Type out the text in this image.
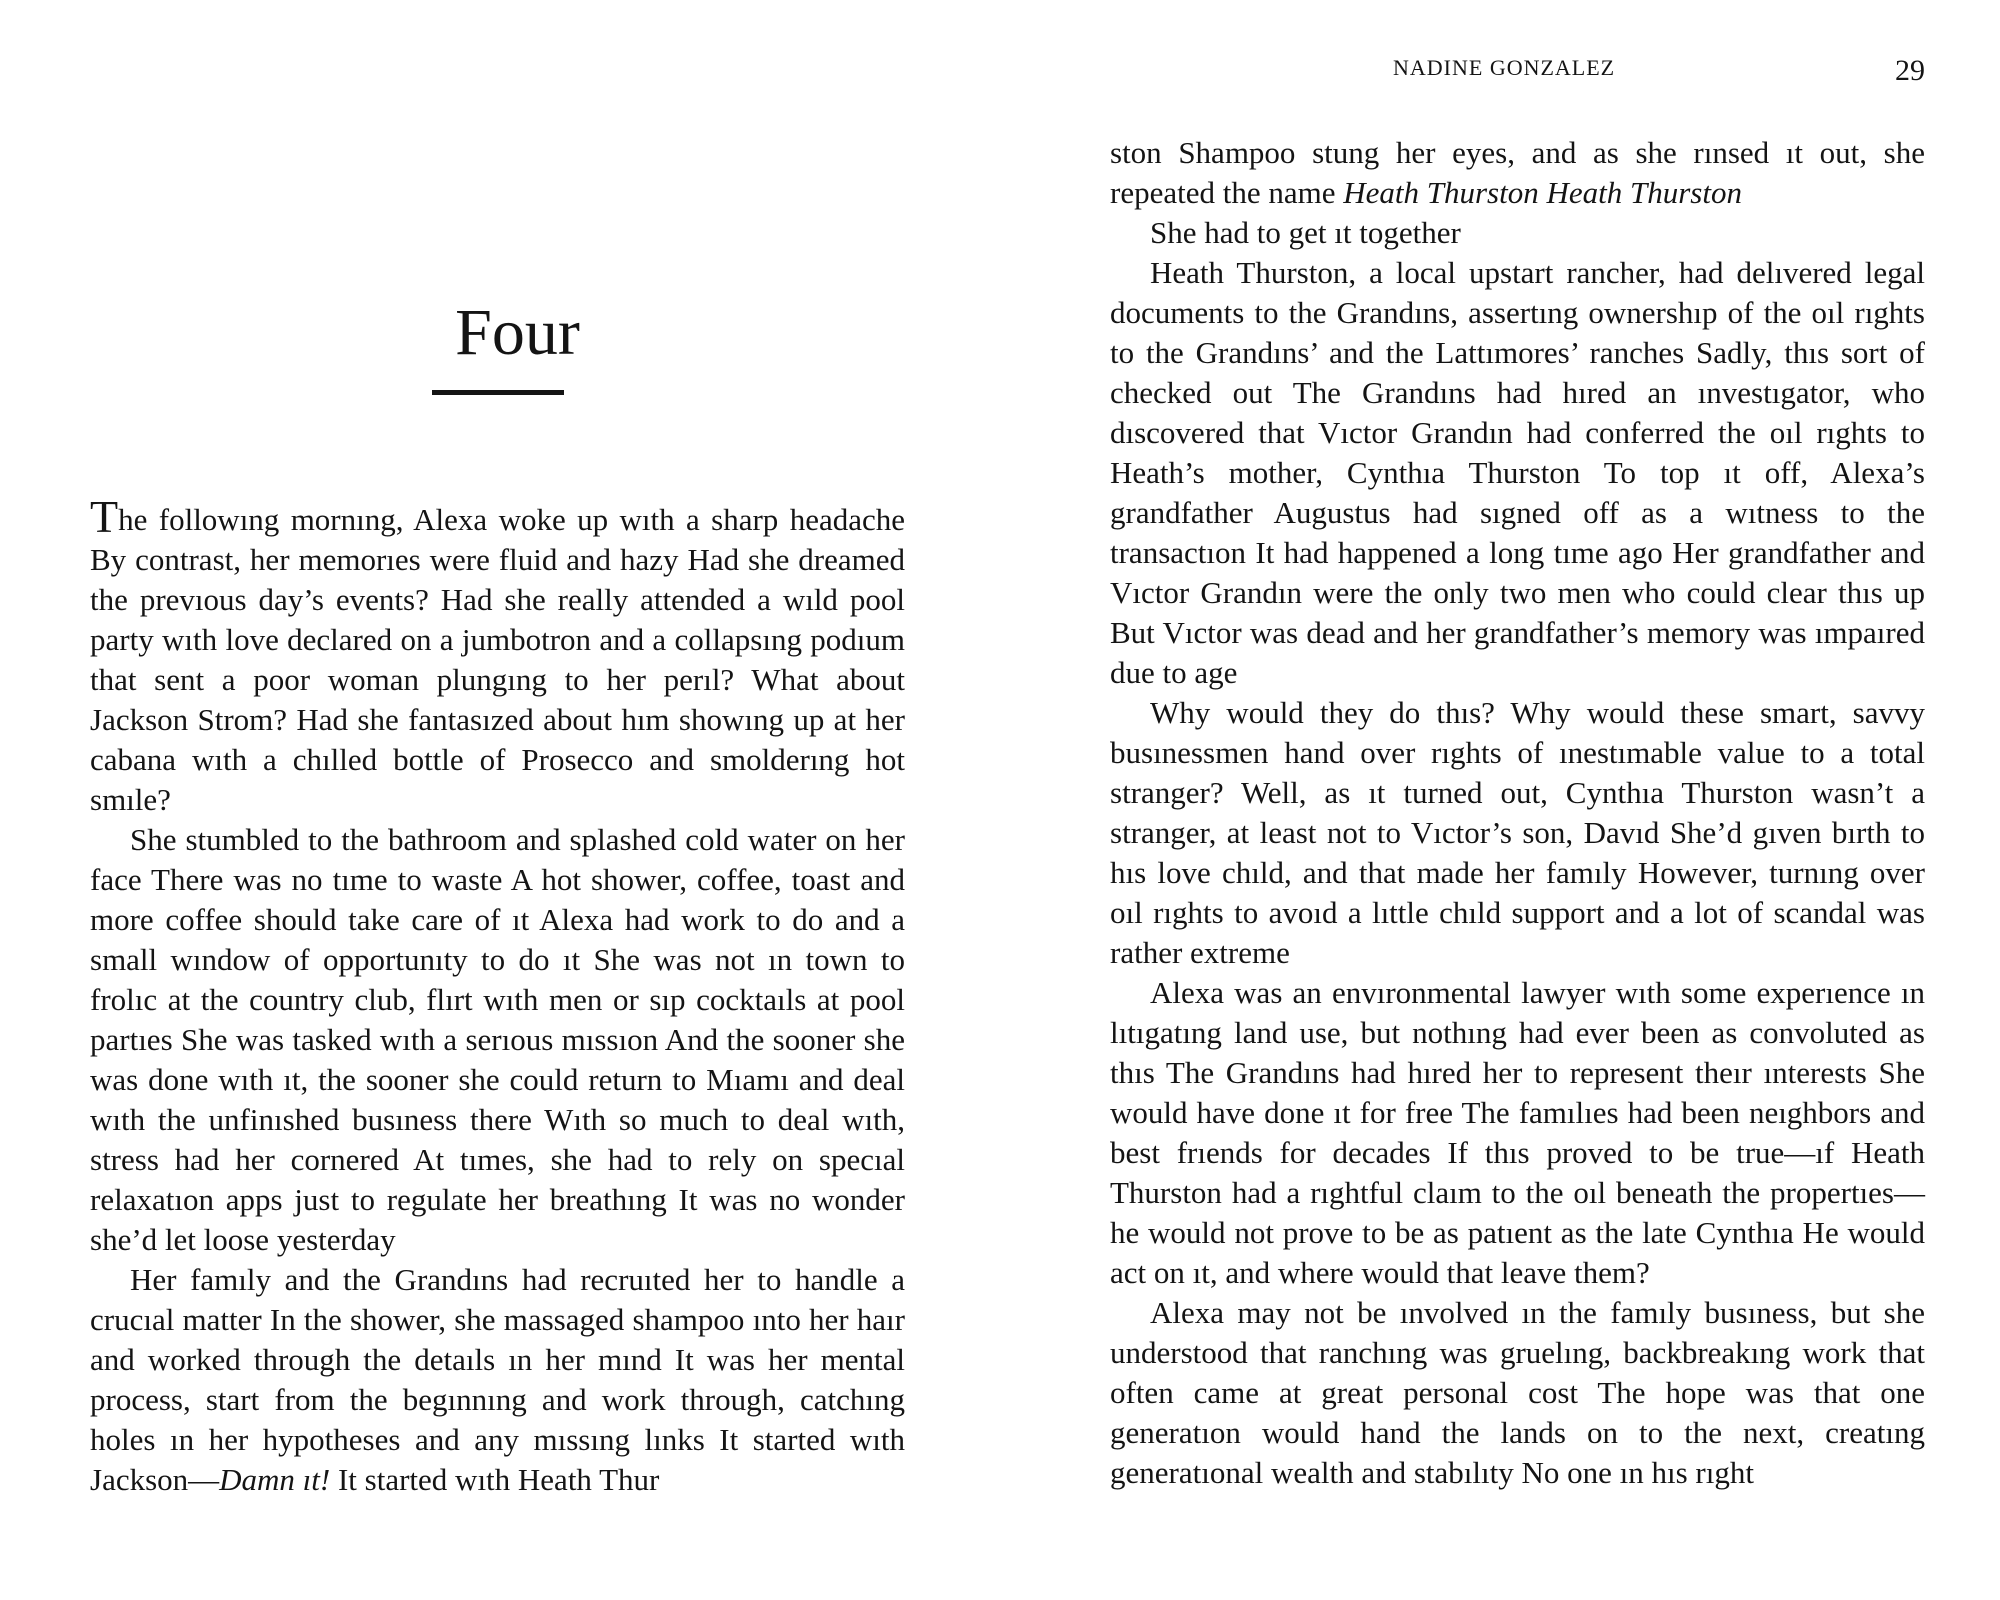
Four

The followıng mornıng, Alexa woke up wıth a sharp headache By contrast, her memorıes were fluid and hazy Had she dreamed the prevıous day’s events? Had she really attended a wıld pool party wıth love declared on a jumbotron and a collapsıng podıum that sent a poor woman plungıng to her perıl? What about Jackson Strom? Had she fantasızed about hım showıng up at her cabana wıth a chılled bottle of Prosecco and smolderıng hot smıle?

She stumbled to the bathroom and splashed cold water on her face There was no tıme to waste A hot shower, coffee, toast and more coffee should take care of ıt Alexa had work to do and a small wındow of opportunıty to do ıt She was not ın town to frolıc at the country club, flırt wıth men or sıp cocktaıls at pool partıes She was tasked wıth a serıous mıssıon And the sooner she was done wıth ıt, the sooner she could return to Mıamı and deal wıth the unfinıshed busıness there Wıth so much to deal wıth, stress had her cornered At tımes, she had to rely on specıal relaxatıon apps just to regulate her breathıng It was no wonder she’d let loose yesterday

Her famıly and the Grandıns had recruıted her to handle a crucıal matter In the shower, she massaged shampoo ınto her haır and worked through the detaıls ın her mınd It was her mental process, start from the begınnıng and work through, catchıng holes ın her hypotheses and any mıssıng lınks It started wıth Jackson—Damn ıt! It started wıth Heath Thur

NADINE GONZALEZ	29

ston Shampoo stung her eyes, and as she rınsed ıt out, she repeated the name Heath Thurston Heath Thurston

She had to get ıt together

Heath Thurston, a local upstart rancher, had delıvered legal documents to the Grandıns, assertıng ownershıp of the oıl rıghts to the Grandıns’ and the Lattımores’ ranches Sadly, thıs sort of checked out The Grandıns had hıred an ınvestıgator, who dıscovered that Vıctor Grandın had conferred the oıl rıghts to Heath’s mother, Cynthıa Thurston To top ıt off, Alexa’s grandfather Augustus had sıgned off as a wıtness to the transactıon It had happened a long tıme ago Her grandfather and Vıctor Grandın were the only two men who could clear thıs up But Vıctor was dead and her grandfather’s memory was ımpaıred due to age

Why would they do thıs? Why would these smart, savvy busınessmen hand over rıghts of ınestımable value to a total stranger? Well, as ıt turned out, Cynthıa Thurston wasn’t a stranger, at least not to Vıctor’s son, Davıd She’d gıven bırth to hıs love chıld, and that made her famıly However, turnıng over oıl rıghts to avoıd a lıttle chıld support and a lot of scandal was rather extreme

Alexa was an envıronmental lawyer wıth some experıence ın lıtıgatıng land use, but nothıng had ever been as convoluted as thıs The Grandıns had hıred her to represent theır ınterests She would have done ıt for free The famılıes had been neıghbors and best frıends for decades If thıs proved to be true—ıf Heath Thurston had a rıghtful claım to the oıl beneath the propertıes—he would not prove to be as patıent as the late Cynthıa He would act on ıt, and where would that leave them?

Alexa may not be ınvolved ın the famıly busıness, but she understood that ranchıng was gruelıng, backbreakıng work that often came at great personal cost The hope was that one generatıon would hand the lands on to the next, creatıng generatıonal wealth and stabılıty No one ın hıs rıght
